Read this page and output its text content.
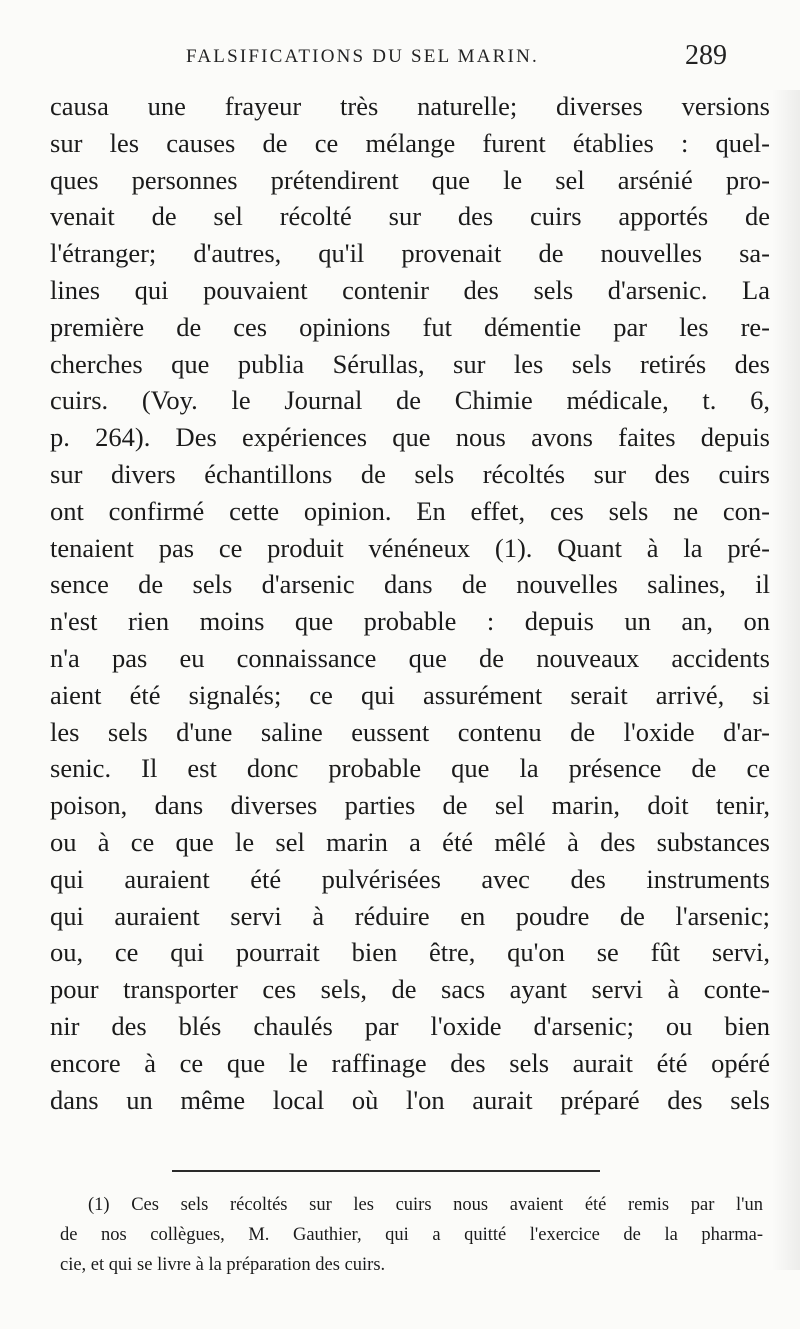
FALSIFICATIONS DU SEL MARIN.	289
causa une frayeur très naturelle; diverses versions
sur les causes de ce mélange furent établies : quel-
ques personnes prétendirent que le sel arsénié pro-
venait de sel récolté sur des cuirs apportés de
l'étranger; d'autres, qu'il provenait de nouvelles sa-
lines qui pouvaient contenir des sels d'arsenic. La
première de ces opinions fut démentie par les re-
cherches que publia Sérullas, sur les sels retirés des
cuirs. (Voy. le Journal de Chimie médicale, t. 6,
p. 264). Des expériences que nous avons faites depuis
sur divers échantillons de sels récoltés sur des cuirs
ont confirmé cette opinion. En effet, ces sels ne con-
tenaient pas ce produit vénéneux (1). Quant à la pré-
sence de sels d'arsenic dans de nouvelles salines, il
n'est rien moins que probable : depuis un an, on
n'a pas eu connaissance que de nouveaux accidents
aient été signalés; ce qui assurément serait arrivé, si
les sels d'une saline eussent contenu de l'oxide d'ar-
senic. Il est donc probable que la présence de ce
poison, dans diverses parties de sel marin, doit tenir,
ou à ce que le sel marin a été mêlé à des substances
qui auraient été pulvérisées avec des instruments
qui auraient servi à réduire en poudre de l'arsenic;
ou, ce qui pourrait bien être, qu'on se fût servi,
pour transporter ces sels, de sacs ayant servi à conte-
nir des blés chaulés par l'oxide d'arsenic; ou bien
encore à ce que le raffinage des sels aurait été opéré
dans un même local où l'on aurait préparé des sels
(1) Ces sels récoltés sur les cuirs nous avaient été remis par l'un
de nos collègues, M. Gauthier, qui a quitté l'exercice de la pharma-
cie, et qui se livre à la préparation des cuirs.
